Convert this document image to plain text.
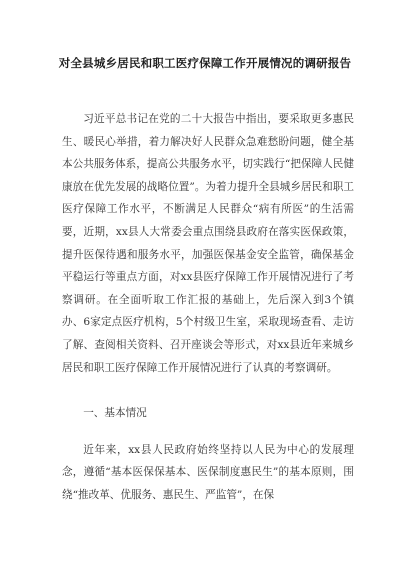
对全县城乡居民和职工医疗保障工作开展情况的调研报告

习近平总书记在党的二十大报告中指出，要采取更多惠民生、暖民心举措，着力解决好人民群众急难愁盼问题，健全基本公共服务体系，提高公共服务水平，切实践行“把保障人民健康放在优先发展的战略位置”。为着力提升全县城乡居民和职工医疗保障工作水平，不断满足人民群众“病有所医”的生活需要，近期，xx县人大常委会重点围绕县政府在落实医保政策，提升医保待遇和服务水平，加强医保基金安全监管，确保基金平稳运行等重点方面，对xx县医疗保障工作开展情况进行了考察调研。在全面听取工作汇报的基础上，先后深入到3个镇办、6家定点医疗机构，5个村级卫生室，采取现场查看、走访了解、查阅相关资料、召开座谈会等形式，对xx县近年来城乡居民和职工医疗保障工作开展情况进行了认真的考察调研。

一、基本情况

近年来，xx县人民政府始终坚持以人民为中心的发展理念，遵循“基本医保保基本、医保制度惠民生”的基本原则，围绕“推改革、优服务、惠民生、严监管”，在保
